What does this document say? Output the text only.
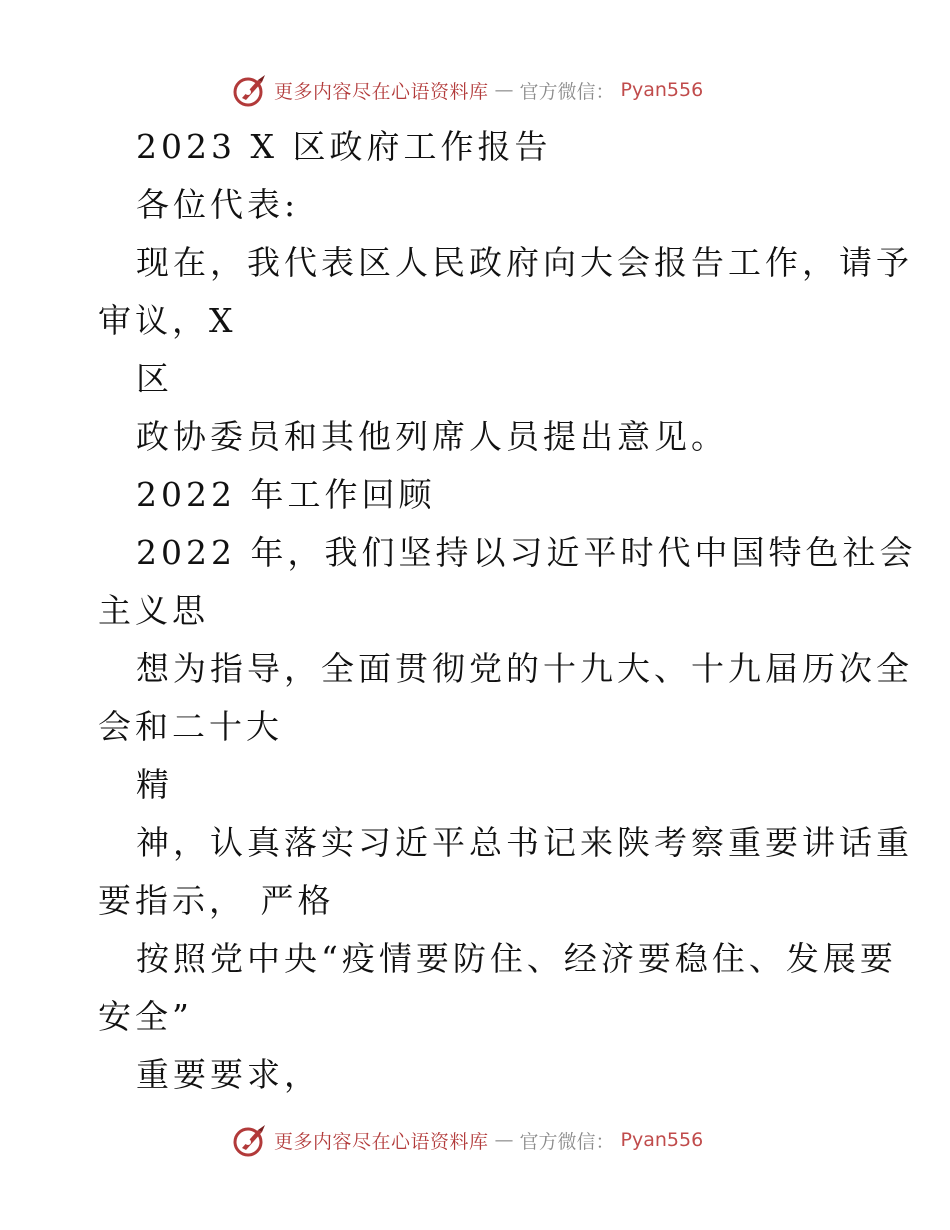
更多内容尽在心语资料库 — 官方微信： Pyan556
2023 X 区政府工作报告
各位代表:
现在，我代表区人民政府向大会报告工作，请予
审议，X
区
政协委员和其他列席人员提出意见。
2022 年工作回顾
2022 年，我们坚持以习近平时代中国特色社会
主义思
想为指导，全面贯彻党的十九大、十九届历次全
会和二十大
精
神，认真落实习近平总书记来陕考察重要讲话重
要指示， 严格
按照党中央“疫情要防住、经济要稳住、发展要
安全”
重要要求，
更多内容尽在心语资料库 — 官方微信： Pyan556
